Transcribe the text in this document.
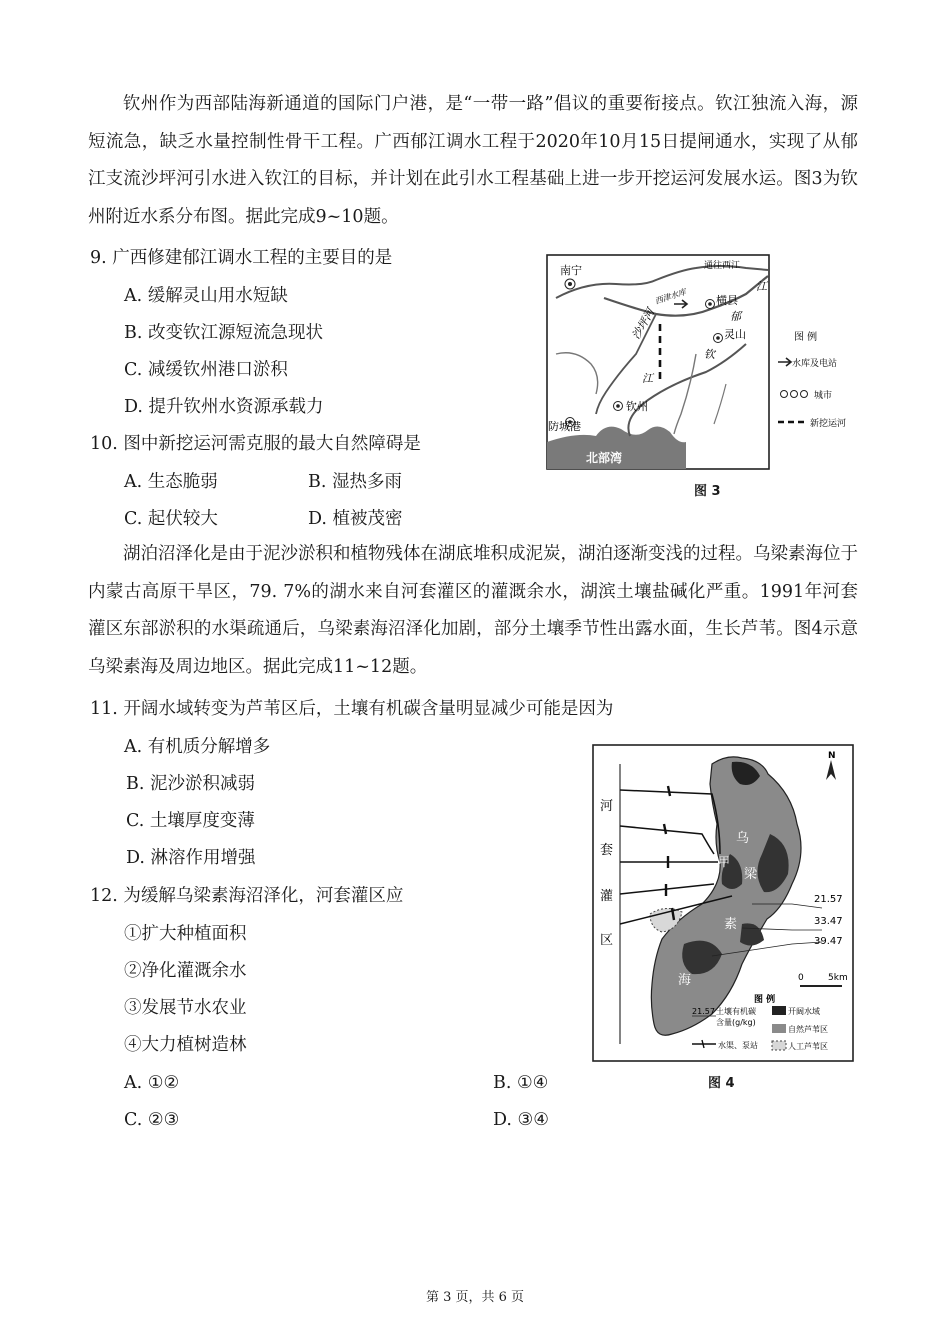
钦州作为西部陆海新通道的国际门户港，是“一带一路”倡议的重要衔接点。钦江独流入海，源短流急，缺乏水量控制性骨干工程。广西郁江调水工程于2020年10月15日提闸通水，实现了从郁江支流沙坪河引水进入钦江的目标，并计划在此引水工程基础上进一步开挖运河发展水运。图3为钦州附近水系分布图。据此完成9~10题。

9. 广西修建郁江调水工程的主要目的是
A. 缓解灵山用水短缺
B. 改变钦江源短流急现状
C. 减缓钦州港口淤积
D. 提升钦州水资源承载力
10. 图中新挖运河需克服的最大自然障碍是
A. 生态脆弱	B. 湿热多雨
C. 起伏较大	D. 植被茂密
南宁	通往西江
江
西津水库	横县
郁
沙坪河	灵山
钦
江
钦州
防城港
北部湾
图 例
水库及电站
城市
新挖运河
图 3

湖泊沼泽化是由于泥沙淤积和植物残体在湖底堆积成泥炭，湖泊逐渐变浅的过程。乌梁素海位于内蒙古高原干旱区，79. 7%的湖水来自河套灌区的灌溉余水，湖滨土壤盐碱化严重。1991年河套灌区东部淤积的水渠疏通后，乌梁素海沼泽化加剧，部分土壤季节性出露水面，生长芦苇。图4示意乌梁素海及周边地区。据此完成11~12题。

11. 开阔水域转变为芦苇区后，土壤有机碳含量明显减少可能是因为
A. 有机质分解增多
B. 泥沙淤积减弱
C. 土壤厚度变薄
D. 淋溶作用增强
12. 为缓解乌梁素海沼泽化，河套灌区应
①扩大种植面积
②净化灌溉余水
③发展节水农业
④大力植树造林
A. ①②	B. ①④
C. ②③	D. ③④
21.57
33.47
39.47
河
套
灌
区
乌
梁
素
海
甲
N
0	5km
图 例
21.57 土壤有机碳
含量(g/kg)
开阔水域
自然芦苇区
水渠、泵站	人工芦苇区
图 4
第 3 页，共 6 页
